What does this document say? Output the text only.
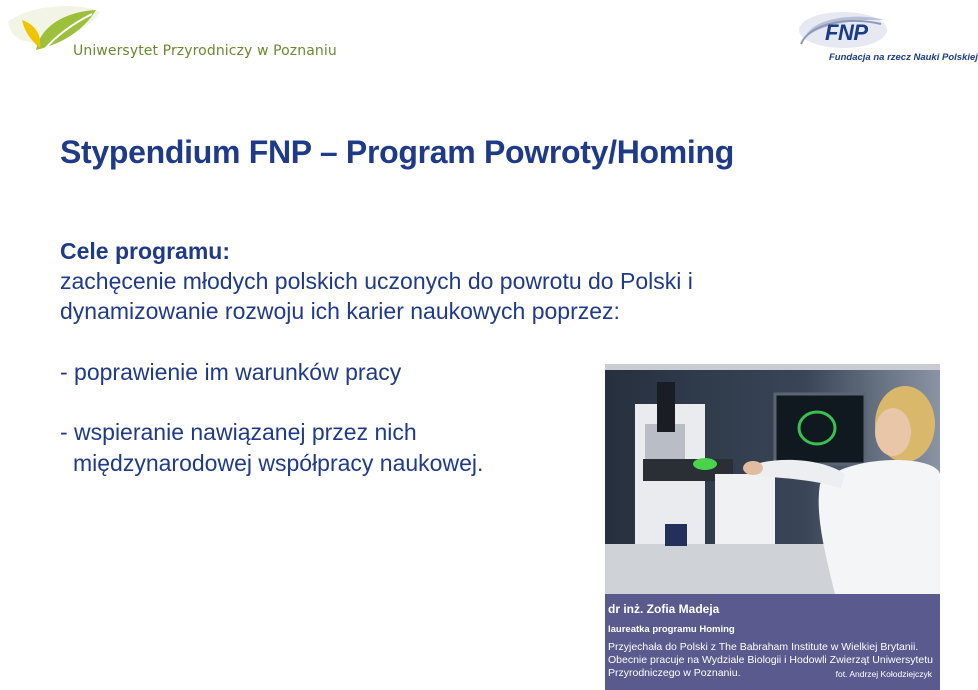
Uniwersytet Przyrodniczy w Poznaniu
FNP
Fundacja na rzecz Nauki Polskiej
Stypendium FNP – Program Powroty/Homing
Cele programu:
zachęcenie młodych polskich uczonych do powrotu do Polski i
dynamizowanie rozwoju ich karier naukowych poprzez:
- poprawienie im warunków pracy
- wspieranie nawiązanej przez nich
międzynarodowej współpracy naukowej.
dr inż. Zofia Madeja
laureatka programu Homing
Przyjechała do Polski z The Babraham Institute w Wielkiej Brytanii. Obecnie pracuje na Wydziale Biologii i Hodowli Zwierząt Uniwersytetu Przyrodniczego w Poznaniu.	fot. Andrzej Kołodziejczyk
